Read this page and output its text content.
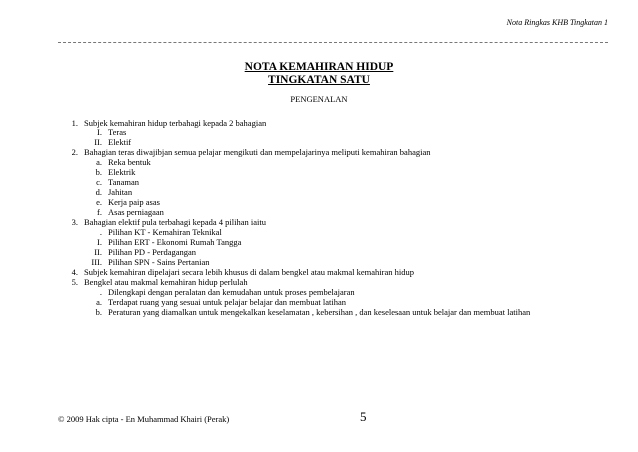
Nota Ringkas KHB Tingkatan 1
NOTA KEMAHIRAN HIDUP
TINGKATAN SATU
PENGENALAN
1. Subjek kemahiran hidup terbahagi kepada 2 bahagian
I. Teras
II. Elektif
2. Bahagian teras diwajibjan semua pelajar mengikuti dan mempelajarinya meliputi kemahiran bahagian
a. Reka bentuk
b. Elektrik
c. Tanaman
d. Jahitan
e. Kerja paip asas
f. Asas perniagaan
3. Bahagian elektif pula terbahagi kepada 4 pilihan iaitu
. Pilihan KT - Kemahiran Teknikal
I. Pilihan ERT - Ekonomi Rumah Tangga
II. Pilihan PD - Perdagangan
III. Pilihan SPN - Sains Pertanian
4. Subjek kemahiran dipelajari secara lebih khusus di dalam bengkel atau makmal kemahiran hidup
5. Bengkel atau makmal kemahiran hidup perlulah
. Dilengkapi dengan peralatan dan kemudahan untuk proses pembelajaran
a. Terdapat ruang yang sesuai untuk pelajar belajar dan membuat latihan
b. Peraturan yang diamalkan untuk mengekalkan keselamatan , kebersihan , dan keselesaan untuk belajar dan membuat latihan
© 2009 Hak cipta - En Muhammad Khairi (Perak)	5
